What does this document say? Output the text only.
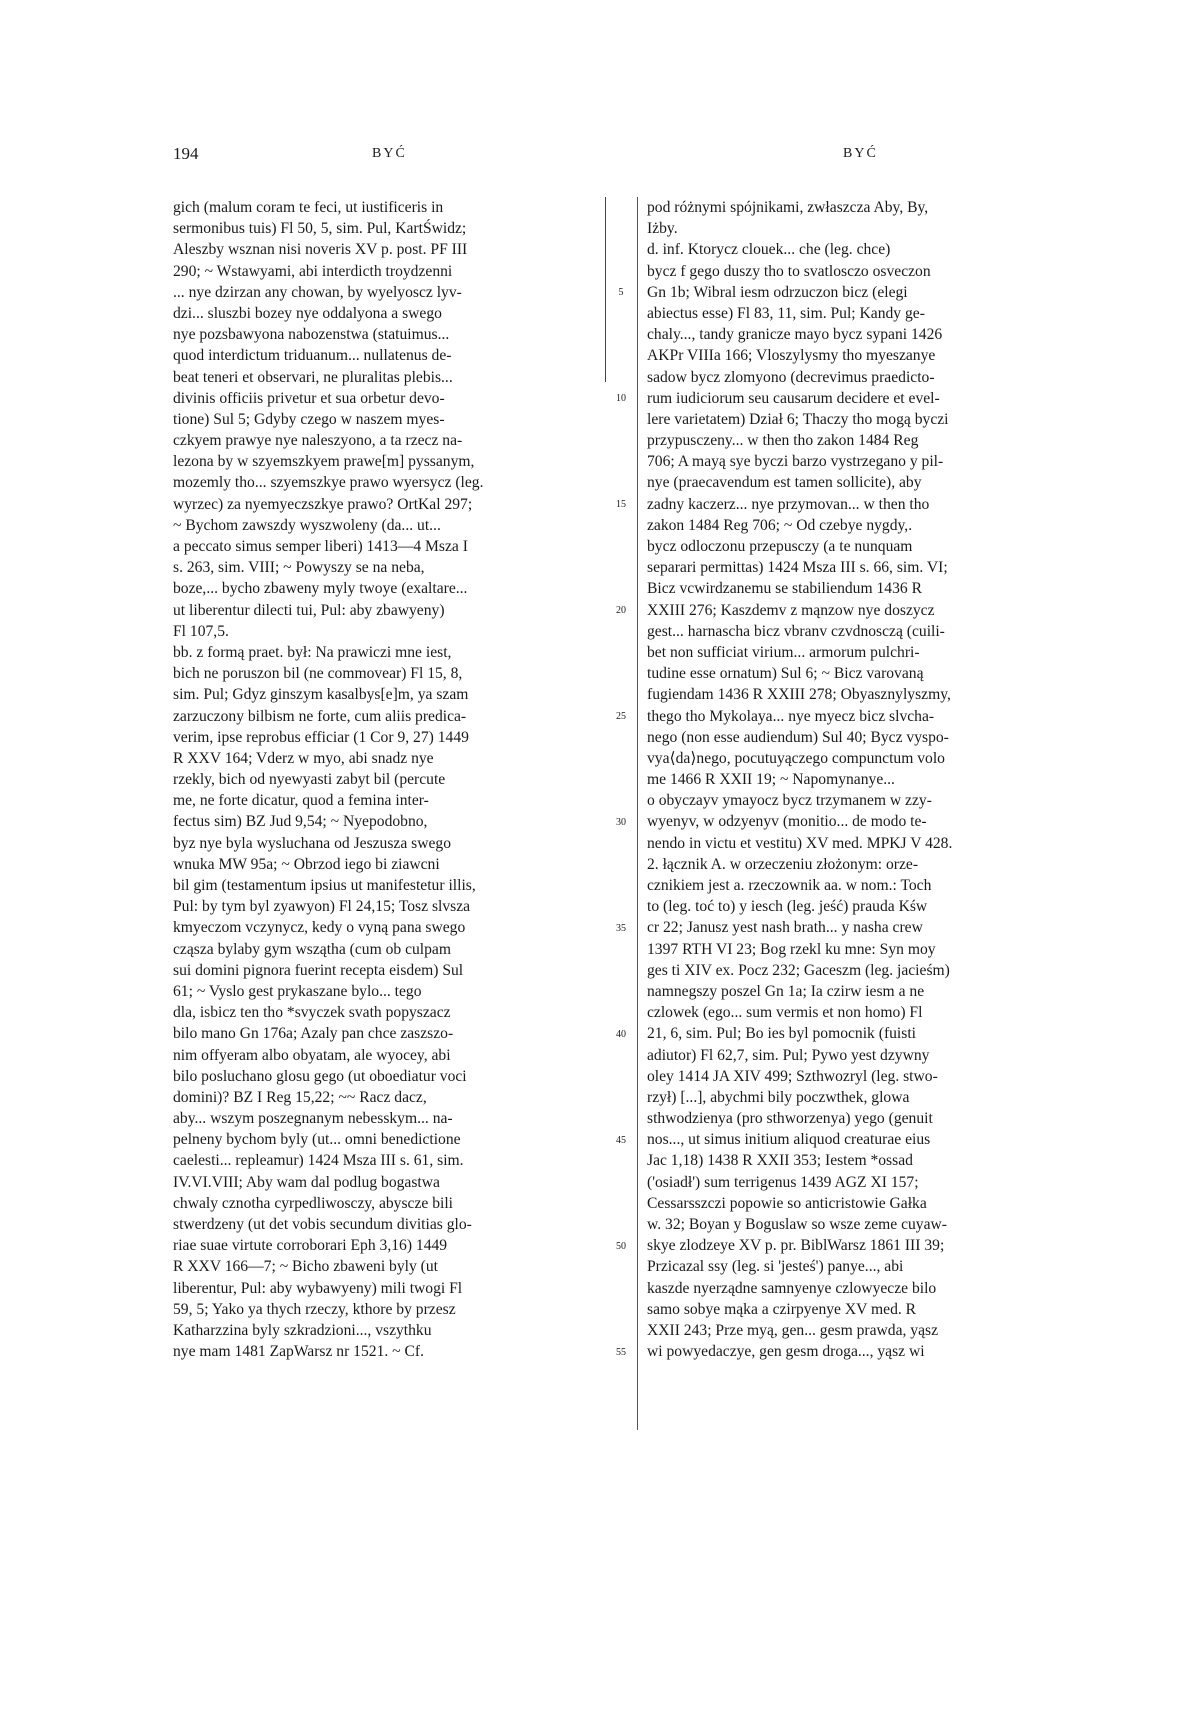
194	BYĆ	BYĆ
gich (malum coram te feci, ut iustificeris in
sermonibus tuis) Fl 50, 5, sim. Pul, KartŚwidz;
Aleszby wsznan nisi noveris XV p. post. PF III
290; ~ Wstawyami, abi interdicth troydzenni
... nye dzirzan any chowan, by wyelyoscz lyv-
dzi... sluszbi bozey nye oddalyona a swego
nye pozsbawyona nabozenstwa (statuimus...
quod interdictum triduanum... nullatenus de-
beat teneri et observari, ne pluralitas plebis...
divinis officiis privetur et sua orbetur devo-
tione) Sul 5; Gdyby czego w naszem myes-
czkyem prawye nye naleszyono, a ta rzecz na-
lezona by w szyemszkyem prawe[m] pyssanym,
mozemly tho... szyemszkye prawo wyersycz (leg.
wyrzec) za nyemyeczszkye prawo? OrtKal 297;
~ Bychom zawszdy wyszwoleny (da... ut...
a peccato simus semper liberi) 1413—4 Msza I
s. 263, sim. VIII; ~ Powyszy se na neba,
boze,... bycho zbaweny myly twoye (exaltare...
ut liberentur dilecti tui, Pul: aby zbawyeny)
Fl 107,5.
bb. z formą praet. był: Na prawiczi mne iest,
bich ne poruszon bil (ne commovear) Fl 15, 8,
sim. Pul; Gdyz ginszym kasalbys[e]m, ya szam
zarzuczony bilbism ne forte, cum aliis predica-
verim, ipse reprobus efficiar (1 Cor 9, 27) 1449
R XXV 164; Vderz w myo, abi snadz nye
rzekly, bich od nyewyasti zabyt bil (percute
me, ne forte dicatur, quod a femina inter-
fectus sim) BZ Jud 9,54; ~ Nyepodobno,
byz nye byla wysluchana od Jeszusza swego
wnuka MW 95a; ~ Obrzod iego bi ziawcni
bil gim (testamentum ipsius ut manifestetur illis,
Pul: by tym byl zyawyon) Fl 24,15; Tosz slvsza
kmyeczom vczynycz, kedy o vyną pana swego
cząsza bylaby gym wsząthа (cum ob culpam
sui domini pignora fuerint recepta eisdem) Sul
61; ~ Vyslo gest prykaszane bylo... tego
dla, isbicz ten tho *svyczek svath popyszacz
bilo mano Gn 176a; Azaly pan chce zaszszo-
nim offyeram albo obyatam, ale wyocey, abi
bilo posluchano glosu gego (ut oboediatur voci
domini)? BZ I Reg 15,22; ~~ Racz dacz,
aby... wszym poszegnanym nebesskym... na-
pelneny bychom byly (ut... omni benedictione
caelesti... repleamur) 1424 Msza III s. 61, sim.
IV.VI.VIII; Aby wam dal podlug bogastwa
chwaly cznotha cyrpedliwosczy, abyscze bili
stwerdzeny (ut det vobis secundum divitias glo-
riae suae virtute corroborari Eph 3,16) 1449
R XXV 166—7; ~ Bicho zbaweni byly (ut
liberentur, Pul: aby wybawyeny) mili twogi Fl
59, 5; Yako ya thych rzeczy, kthore by przesz
Katharzzina byly szkradzioni..., vszythku
nye mam 1481 ZapWarsz nr 1521. ~ Cf.
5
10
15
20
25
30
35
40
45
50
55
pod różnymi spójnikami, zwłaszcza Aby, By,
Iżby.
d. inf. Ktorycz clouek... che (leg. chce)
bycz f gego duszy tho to svatlosczo osveczon
Gn 1b; Wibral iesm odrzuczon bicz (elegi
abiectus esse) Fl 83, 11, sim. Pul; Kandy ge-
chaly..., tandy granicze mayo bycz sypani 1426
AKPr VIIIa 166; Vloszylysmy tho myeszanye
sadow bycz zlomyono (decrevimus praedicto-
rum iudiciorum seu causarum decidere et evel-
lere varietatem) Dział 6; Thaczy tho mogą byczi
przypusczeny... w then tho zakon 1484 Reg
706; A mayą sye byczi barzo vystrzegano y pil-
nye (praecavendum est tamen sollicite), aby
zadny kaczerz... nye przymovan... w then tho
zakon 1484 Reg 706; ~ Od czebye nygdy,.
bycz odloczonu przepusczy (a te nunquam
separari permittas) 1424 Msza III s. 66, sim. VI;
Bicz vcwirdzanemu se stabiliendum 1436 R
XXIII 276; Kaszdemv z mąnzow nye doszycz
gest... harnascha bicz vbranv czvdnosczą (cuili-
bet non sufficiat virium... armorum pulchri-
tudine esse ornatum) Sul 6; ~ Bicz varovaną
fugiendam 1436 R XXIII 278; Obyasznylyszmy,
thego tho Mykolaya... nye myecz bicz slvcha-
nego (non esse audiendum) Sul 40; Bycz vyspo-
vya⟨da⟩nego, pocutuyączego compunctum volo
me 1466 R XXII 19; ~ Napomynanye...
o obyczayv ymayocz bycz trzymanem w zzy-
wyenyv, w odzyenyv (monitio... de modo te-
nendo in victu et vestitu) XV med. MPKJ V 428.
2. łącznik A. w orzeczeniu złożonym: orze-
cznikiem jest a. rzeczownik aa. w nom.: Toch
to (leg. toć to) y iesch (leg. jeść) prauda Kśw
cr 22; Janusz yest nash brath... y nasha crew
1397 RTH VI 23; Bog rzekl ku mne: Syn moy
ges ti XIV ex. Pocz 232; Gaceszm (leg. jacieśm)
namnegszy poszel Gn 1a; Ia czirw iesm a ne
czlowek (ego... sum vermis et non homo) Fl
21, 6, sim. Pul; Bo ies byl pomocnik (fuisti
adiutor) Fl 62,7, sim. Pul; Pywo yest dzywny
oley 1414 JA XIV 499; Szthwozryl (leg. stwo-
rzył) [...], abychmi bily poczwthek, glowa
sthwodzienya (pro sthworzenya) yego (genuit
nos..., ut simus initium aliquod creaturae eius
Jac 1,18) 1438 R XXII 353; Iestem *ossad
('osiadł') sum terrigenus 1439 AGZ XI 157;
Cessarsszczi popowie so anticristowie Gałka
w. 32; Boyan y Boguslaw so wsze zeme cuyaw-
skye zlodzeye XV p. pr. BiblWarsz 1861 III 39;
Przicazal ssy (leg. si 'jesteś') panye..., abi
kaszde nyerządne samnyenye czlowyecze bilo
samo sobye mąka a czirpyenye XV med. R
XXII 243; Prze myą, gen... gesm prawda, yąsz
wi powyedaczye, gen gesm droga..., yąsz wi
